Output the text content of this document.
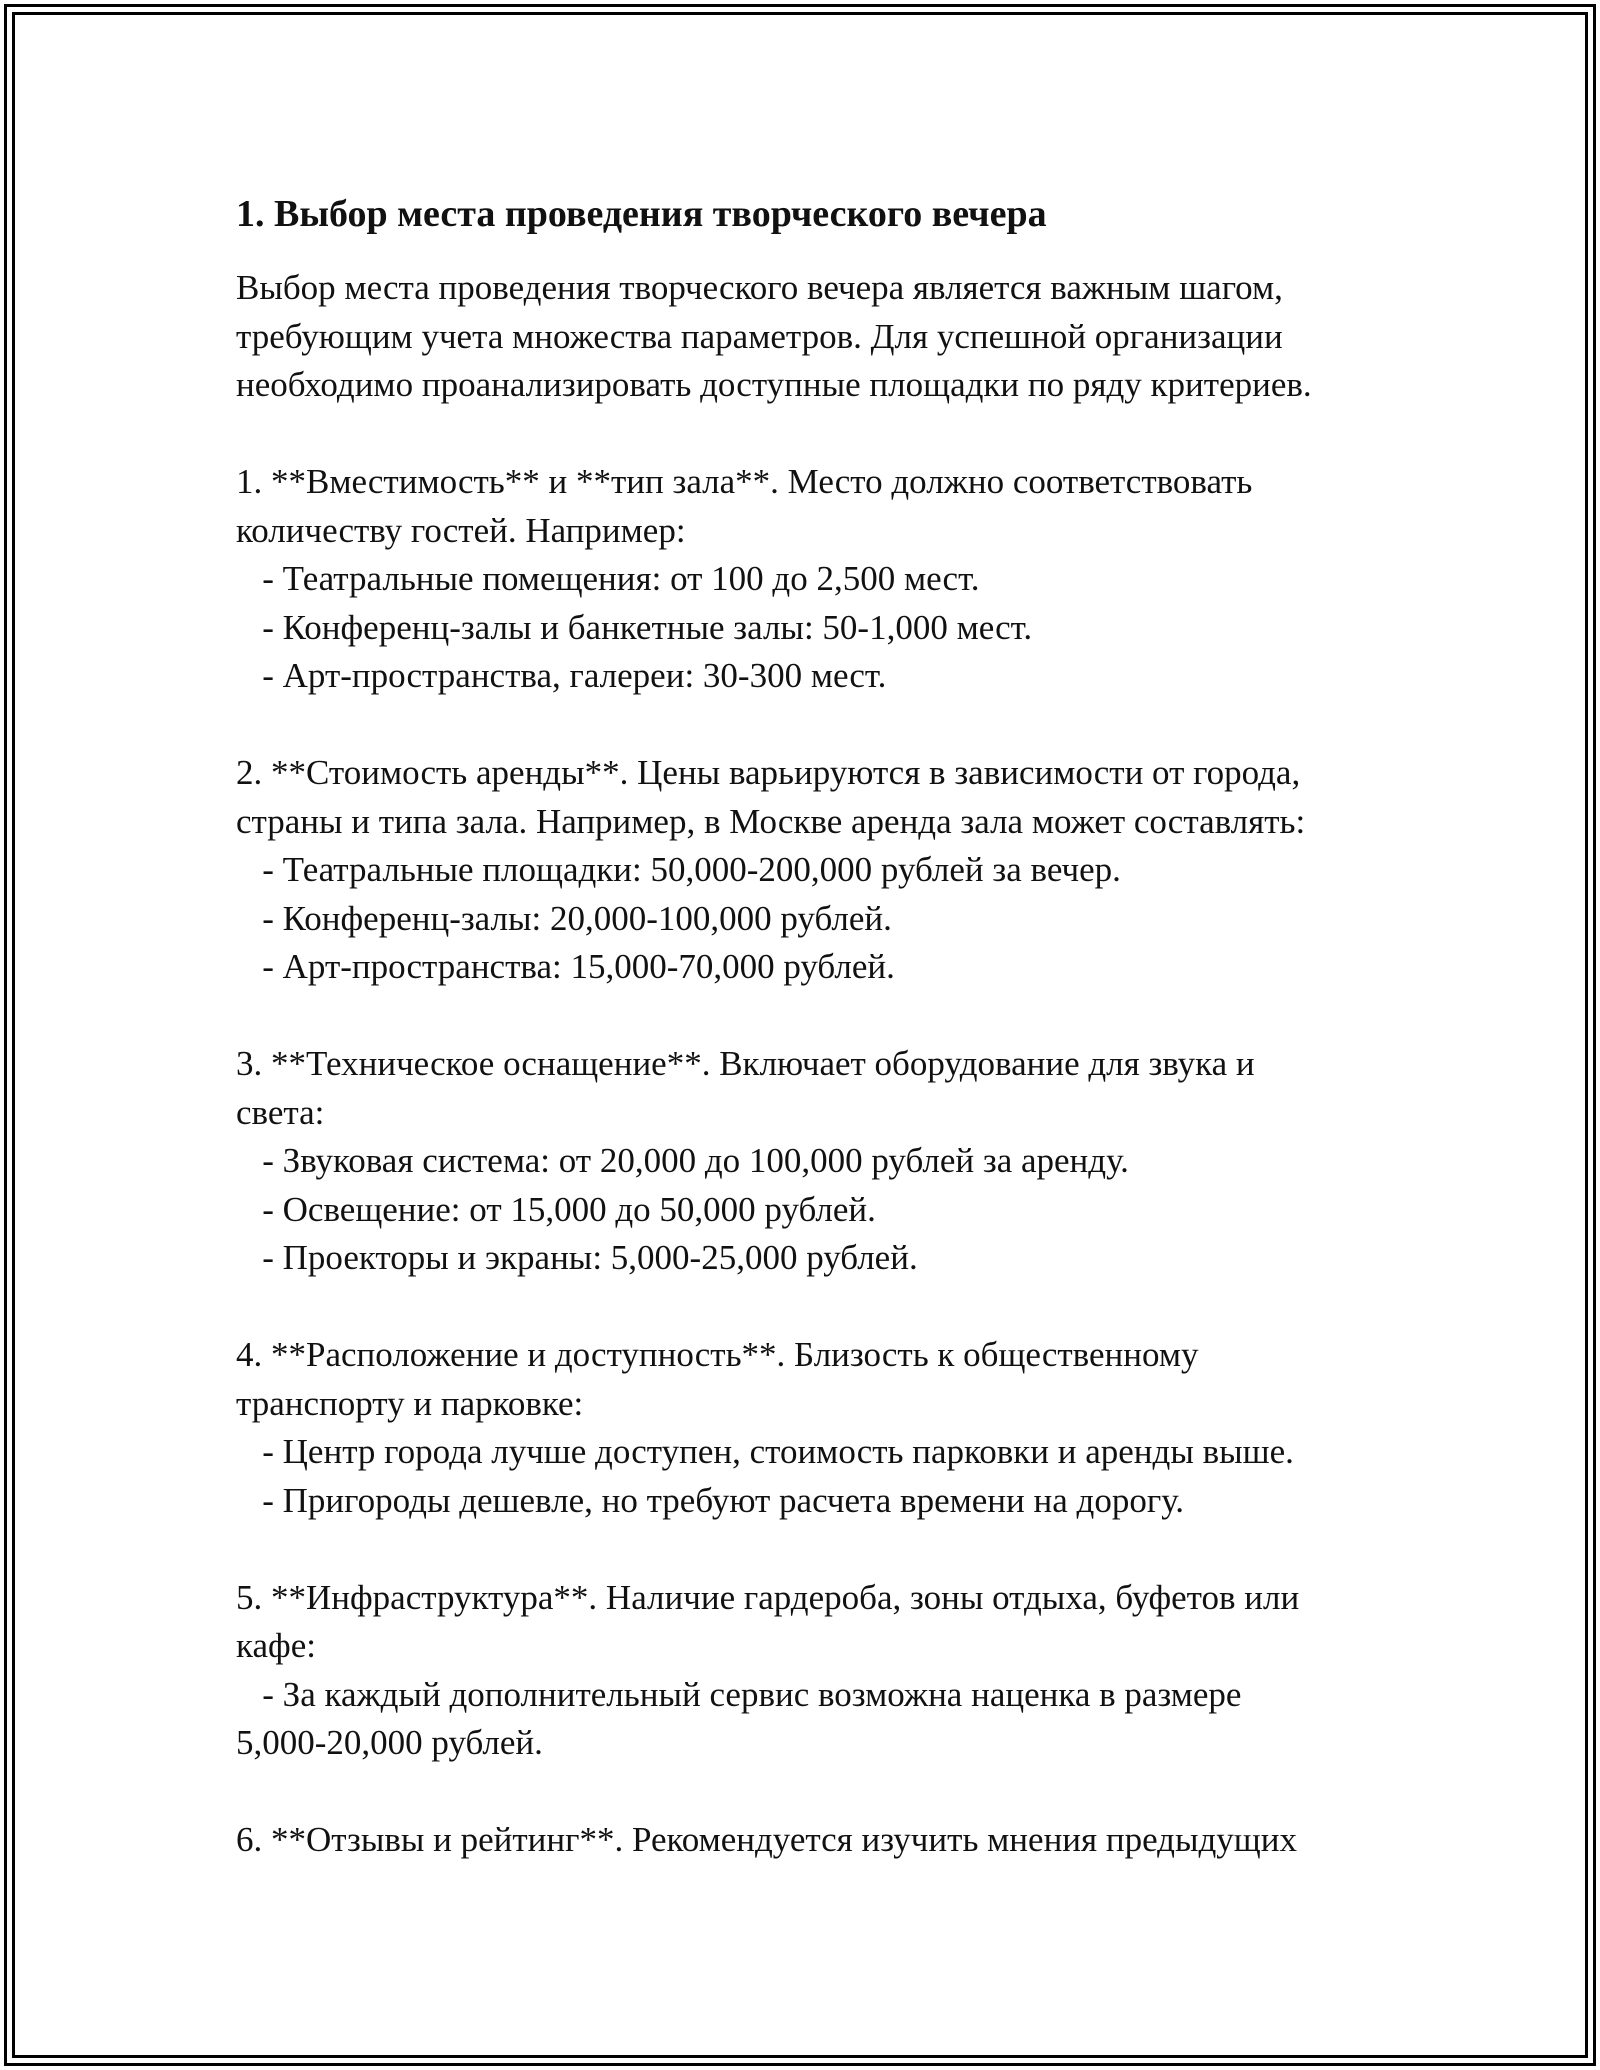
1. Выбор места проведения творческого вечера
Выбор места проведения творческого вечера является важным шагом,
требующим учета множества параметров. Для успешной организации
необходимо проанализировать доступные площадки по ряду критериев.
1. **Вместимость** и **тип зала**. Место должно соответствовать
количеству гостей. Например:
- Театральные помещения: от 100 до 2,500 мест.
- Конференц-залы и банкетные залы: 50-1,000 мест.
- Арт-пространства, галереи: 30-300 мест.
2. **Стоимость аренды**. Цены варьируются в зависимости от города,
страны и типа зала. Например, в Москве аренда зала может составлять:
- Театральные площадки: 50,000-200,000 рублей за вечер.
- Конференц-залы: 20,000-100,000 рублей.
- Арт-пространства: 15,000-70,000 рублей.
3. **Техническое оснащение**. Включает оборудование для звука и
света:
- Звуковая система: от 20,000 до 100,000 рублей за аренду.
- Освещение: от 15,000 до 50,000 рублей.
- Проекторы и экраны: 5,000-25,000 рублей.
4. **Расположение и доступность**. Близость к общественному
транспорту и парковке:
- Центр города лучше доступен, стоимость парковки и аренды выше.
- Пригороды дешевле, но требуют расчета времени на дорогу.
5. **Инфраструктура**. Наличие гардероба, зоны отдыха, буфетов или
кафе:
- За каждый дополнительный сервис возможна наценка в размере
5,000-20,000 рублей.
6. **Отзывы и рейтинг**. Рекомендуется изучить мнения предыдущих
